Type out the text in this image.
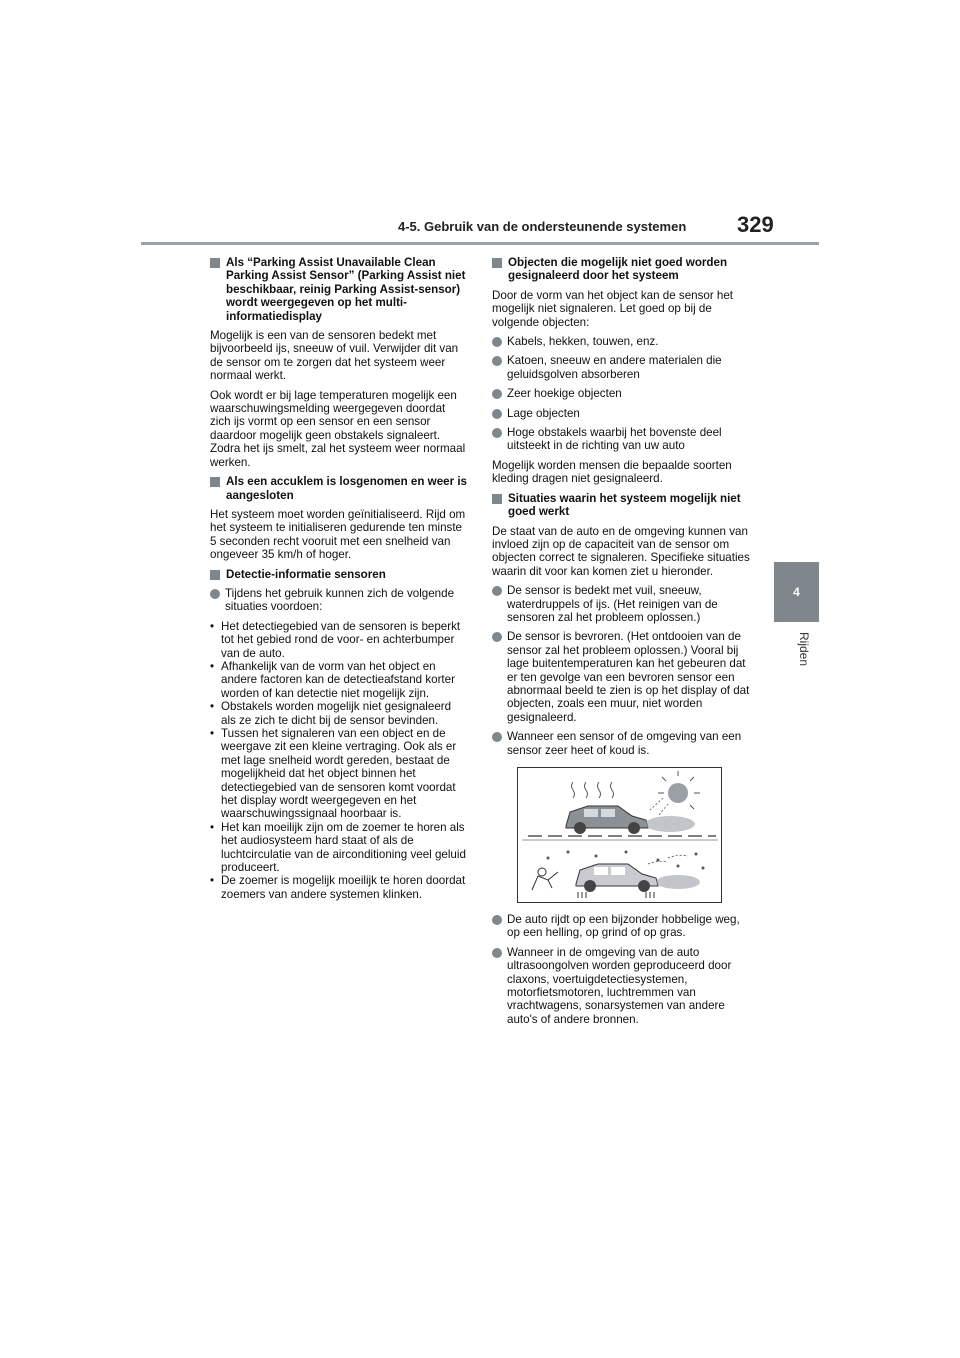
4-5. Gebruik van de ondersteunende systemen 329
4
Rijden
Als “Parking Assist Unavailable Clean Parking Assist Sensor” (Parking Assist niet beschikbaar, reinig Parking Assist-sensor) wordt weergegeven op het multi-informatiedisplay
Mogelijk is een van de sensoren bedekt met bijvoorbeeld ijs, sneeuw of vuil. Verwijder dit van de sensor om te zorgen dat het systeem weer normaal werkt.
Ook wordt er bij lage temperaturen mogelijk een waarschuwingsmelding weergegeven doordat zich ijs vormt op een sensor en een sensor daardoor mogelijk geen obstakels signaleert. Zodra het ijs smelt, zal het systeem weer normaal werken.
Als een accuklem is losgenomen en weer is aangesloten
Het systeem moet worden geïnitialiseerd. Rijd om het systeem te initialiseren gedurende ten minste 5 seconden recht vooruit met een snelheid van ongeveer 35 km/h of hoger.
Detectie-informatie sensoren
Tijdens het gebruik kunnen zich de volgende situaties voordoen:
• Het detectiegebied van de sensoren is beperkt tot het gebied rond de voor- en achterbumper van de auto.
• Afhankelijk van de vorm van het object en andere factoren kan de detectieafstand korter worden of kan detectie niet mogelijk zijn.
• Obstakels worden mogelijk niet gesignaleerd als ze zich te dicht bij de sensor bevinden.
• Tussen het signaleren van een object en de weergave zit een kleine vertraging. Ook als er met lage snelheid wordt gereden, bestaat de mogelijkheid dat het object binnen het detectiegebied van de sensoren komt voordat het display wordt weergegeven en het waarschuwingssignaal hoorbaar is.
• Het kan moeilijk zijn om de zoemer te horen als het audiosysteem hard staat of als de luchtcirculatie van de airconditioning veel geluid produceert.
• De zoemer is mogelijk moeilijk te horen doordat zoemers van andere systemen klinken.
Objecten die mogelijk niet goed worden gesignaleerd door het systeem
Door de vorm van het object kan de sensor het mogelijk niet signaleren. Let goed op bij de volgende objecten:
Kabels, hekken, touwen, enz.
Katoen, sneeuw en andere materialen die geluidsgolven absorberen
Zeer hoekige objecten
Lage objecten
Hoge obstakels waarbij het bovenste deel uitsteekt in de richting van uw auto
Mogelijk worden mensen die bepaalde soorten kleding dragen niet gesignaleerd.
Situaties waarin het systeem mogelijk niet goed werkt
De staat van de auto en de omgeving kunnen van invloed zijn op de capaciteit van de sensor om objecten correct te signaleren. Specifieke situaties waarin dit voor kan komen ziet u hieronder.
De sensor is bedekt met vuil, sneeuw, waterdruppels of ijs. (Het reinigen van de sensoren zal het probleem oplossen.)
De sensor is bevroren. (Het ontdooien van de sensor zal het probleem oplossen.) Vooral bij lage buitentemperaturen kan het gebeuren dat er ten gevolge van een bevroren sensor een abnormaal beeld te zien is op het display of dat objecten, zoals een muur, niet worden gesignaleerd.
Wanneer een sensor of de omgeving van een sensor zeer heet of koud is.
De auto rijdt op een bijzonder hobbelige weg, op een helling, op grind of op gras.
Wanneer in de omgeving van de auto ultrasoongolven worden geproduceerd door claxons, voertuigdetectiesystemen, motorfietsmotoren, luchtremmen van vrachtwagens, sonarsystemen van andere auto's of andere bronnen.
